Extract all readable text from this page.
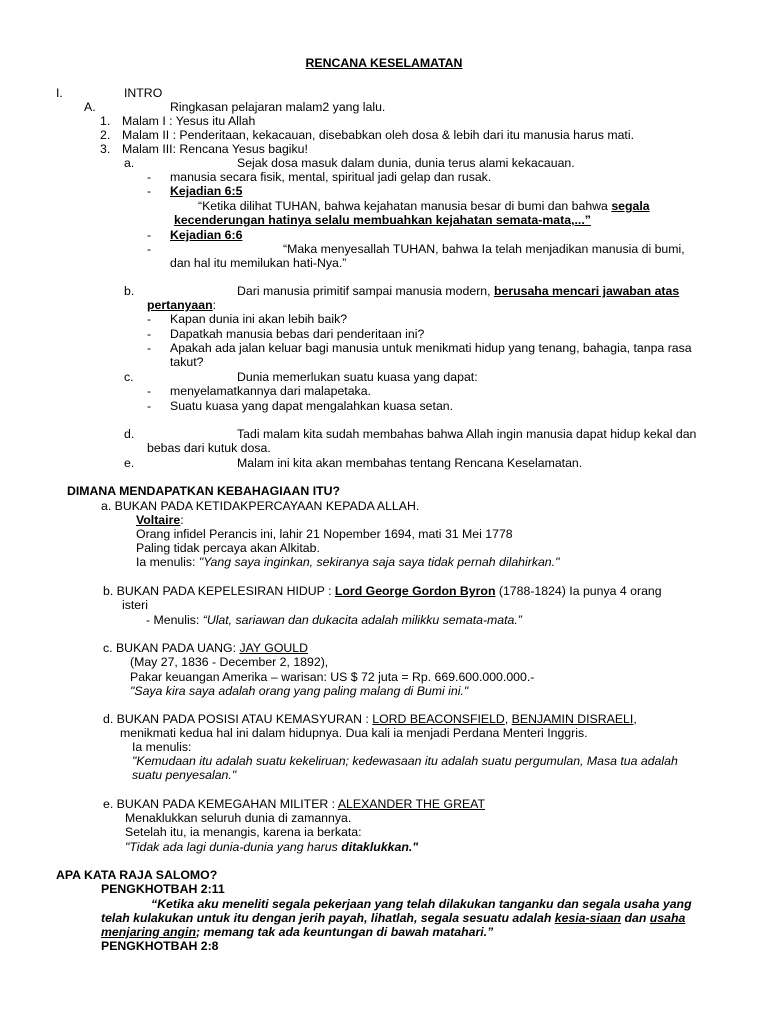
RENCANA KESELAMATAN
I.	INTRO
A.	Ringkasan pelajaran malam2 yang lalu.
1. Malam I : Yesus itu Allah
2. Malam II : Penderitaan, kekacauan, disebabkan oleh dosa & lebih dari itu manusia harus mati.
3. Malam III: Rencana Yesus bagiku!
a.	Sejak dosa masuk dalam dunia, dunia terus alami kekacauan.
- manusia secara fisik, mental, spiritual jadi gelap dan rusak.
- Kejadian 6:5
“Ketika dilihat TUHAN, bahwa kejahatan manusia besar di bumi dan bahwa segala
kecenderungan hatinya selalu membuahkan kejahatan semata-mata,...”
- Kejadian 6:6
-	“Maka menyesallah TUHAN, bahwa Ia telah menjadikan manusia di bumi,
dan hal itu memilukan hati-Nya.”
b.	Dari manusia primitif sampai manusia modern, berusaha mencari jawaban atas
pertanyaan:
- Kapan dunia ini akan lebih baik?
- Dapatkah manusia bebas dari penderitaan ini?
- Apakah ada jalan keluar bagi manusia untuk menikmati hidup yang tenang, bahagia, tanpa rasa
takut?
c.	Dunia memerlukan suatu kuasa yang dapat:
- menyelamatkannya dari malapetaka.
- Suatu kuasa yang dapat mengalahkan kuasa setan.
d.	Tadi malam kita sudah membahas bahwa Allah ingin manusia dapat hidup kekal dan
bebas dari kutuk dosa.
e.	Malam ini kita akan membahas tentang Rencana Keselamatan.
DIMANA MENDAPATKAN KEBAHAGIAAN ITU?
a. BUKAN PADA KETIDAKPERCAYAAN KEPADA ALLAH.
Voltaire:
Orang infidel Perancis ini, lahir 21 Nopember 1694, mati 31 Mei 1778
Paling tidak percaya akan Alkitab.
Ia menulis: "Yang saya inginkan, sekiranya saja saya tidak pernah dilahirkan."
b. BUKAN PADA KEPELESIRAN HIDUP : Lord George Gordon Byron (1788-1824) Ia punya 4 orang
isteri
- Menulis: “Ulat, sariawan dan dukacita adalah milikku semata-mata.”
c. BUKAN PADA UANG: JAY GOULD
(May 27, 1836 - December 2, 1892),
Pakar keuangan Amerika – warisan: US $ 72 juta = Rp. 669.600.000.000.-
"Saya kira saya adalah orang yang paling malang di Bumi ini."
d. BUKAN PADA POSISI ATAU KEMASYURAN : LORD BEACONSFIELD, BENJAMIN DISRAELI,
menikmati kedua hal ini dalam hidupnya. Dua kali ia menjadi Perdana Menteri Inggris.
Ia menulis:
"Kemudaan itu adalah suatu kekeliruan; kedewasaan itu adalah suatu pergumulan, Masa tua adalah
suatu penyesalan."
e. BUKAN PADA KEMEGAHAN MILITER : ALEXANDER THE GREAT
Menaklukkan seluruh dunia di zamannya.
Setelah itu, ia menangis, karena ia berkata:
"Tidak ada lagi dunia-dunia yang harus ditaklukkan."
APA KATA RAJA SALOMO?
PENGKHOTBAH 2:11
“Ketika aku meneliti segala pekerjaan yang telah dilakukan tanganku dan segala usaha yang
telah kulakukan untuk itu dengan jerih payah, lihatlah, segala sesuatu adalah kesia-siaan dan usaha
menjaring angin; memang tak ada keuntungan di bawah matahari.”
PENGKHOTBAH 2:8
